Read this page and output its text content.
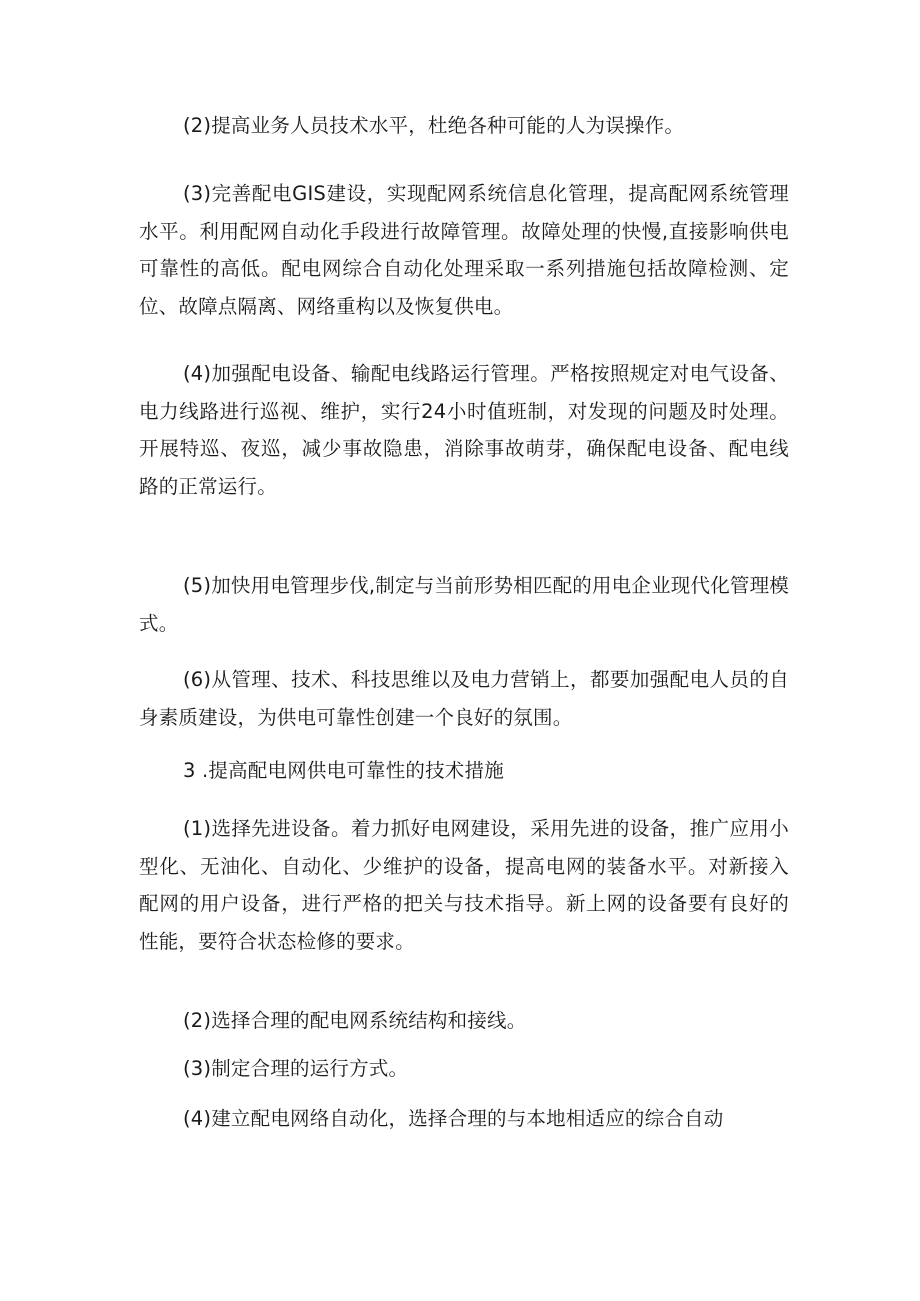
(2)提高业务人员技术水平，杜绝各种可能的人为误操作。

(3)完善配电GIS建设，实现配网系统信息化管理，提高配网系统管理水平。利用配网自动化手段进行故障管理。故障处理的快慢,直接影响供电可靠性的高低。配电网综合自动化处理采取一系列措施包括故障检测、定位、故障点隔离、网络重构以及恢复供电。

(4)加强配电设备、输配电线路运行管理。严格按照规定对电气设备、电力线路进行巡视、维护，实行24小时值班制，对发现的问题及时处理。开展特巡、夜巡，减少事故隐患，消除事故萌芽，确保配电设备、配电线路的正常运行。

(5)加快用电管理步伐,制定与当前形势相匹配的用电企业现代化管理模式。

(6)从管理、技术、科技思维以及电力营销上，都要加强配电人员的自身素质建设，为供电可靠性创建一个良好的氛围。

3 .提高配电网供电可靠性的技术措施

(1)选择先进设备。着力抓好电网建设，采用先进的设备，推广应用小型化、无油化、自动化、少维护的设备，提高电网的装备水平。对新接入配网的用户设备，进行严格的把关与技术指导。新上网的设备要有良好的性能，要符合状态检修的要求。

(2)选择合理的配电网系统结构和接线。

(3)制定合理的运行方式。

(4)建立配电网络自动化，选择合理的与本地相适应的综合自动
